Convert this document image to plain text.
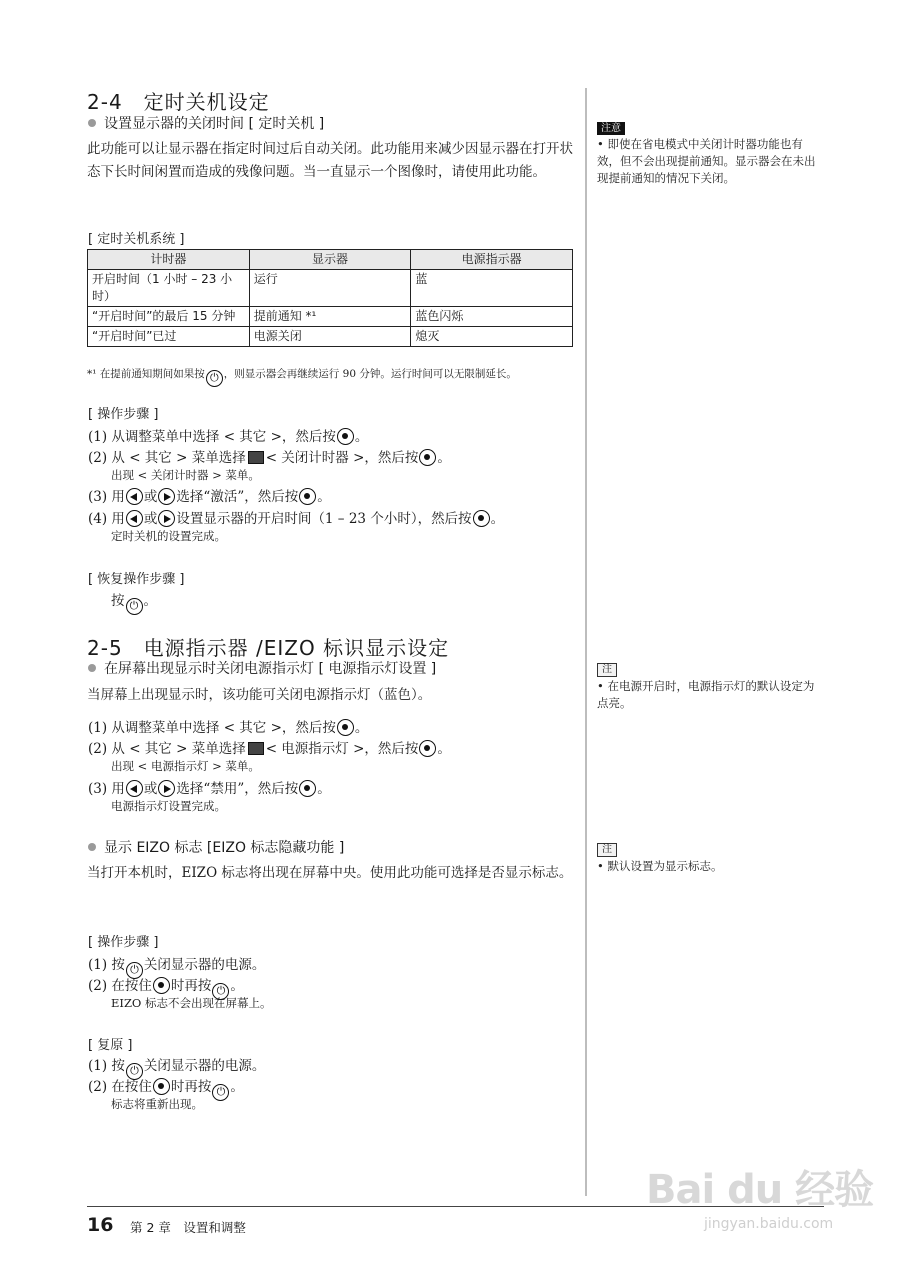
2-4　定时关机设定
设置显示器的关闭时间 [ 定时关机 ]
此功能可以让显示器在指定时间过后自动关闭。此功能用来减少因显示器在打开状态下长时间闲置而造成的残像问题。当一直显示一个图像时，请使用此功能。
[ 定时关机系统 ]
计时器	显示器	电源指示器
开启时间（1 小时 – 23 小时）	运行	蓝
“开启时间”的最后 15 分钟	提前通知 *¹	蓝色闪烁
“开启时间”已过	电源关闭	熄灭
*¹ 在提前通知期间如果按 ⏻ ，则显示器会再继续运行 90 分钟。运行时间可以无限制延长。
[ 操作步骤 ]
(1) 从调整菜单中选择 < 其它 >，然后按 。
(2) 从 < 其它 > 菜单选择 < 关闭计时器 >，然后按 。
出现 < 关闭计时器 > 菜单。
(3) 用 或 选择“激活”，然后按 。
(4) 用 或 设置显示器的开启时间（1 – 23 个小时），然后按 。
定时关机的设置完成。
[ 恢复操作步骤 ]
按 ⏻ 。
2-5　电源指示器 /EIZO 标识显示设定
在屏幕出现显示时关闭电源指示灯 [ 电源指示灯设置 ]
当屏幕上出现显示时，该功能可关闭电源指示灯（蓝色）。
(1) 从调整菜单中选择 < 其它 >，然后按 。
(2) 从 < 其它 > 菜单选择 < 电源指示灯 >，然后按 。
出现 < 电源指示灯 > 菜单。
(3) 用 或 选择“禁用”，然后按 。
电源指示灯设置完成。
显示 EIZO 标志 [EIZO 标志隐藏功能 ]
当打开本机时，EIZO 标志将出现在屏幕中央。使用此功能可选择是否显示标志。
[ 操作步骤 ]
(1) 按 ⏻ 关闭显示器的电源。
(2) 在按住 时再按 ⏻ 。
EIZO 标志不会出现在屏幕上。
[ 复原 ]
(1) 按 ⏻ 关闭显示器的电源。
(2) 在按住 时再按 ⏻ 。
标志将重新出现。
注意
• 即使在省电模式中关闭计时器功能也有效，但不会出现提前通知。显示器会在未出现提前通知的情况下关闭。
注
• 在电源开启时，电源指示灯的默认设定为点亮。
注
• 默认设置为显示标志。
16 第 2 章　设置和调整
Bai du 经验
jingyan.baidu.com
